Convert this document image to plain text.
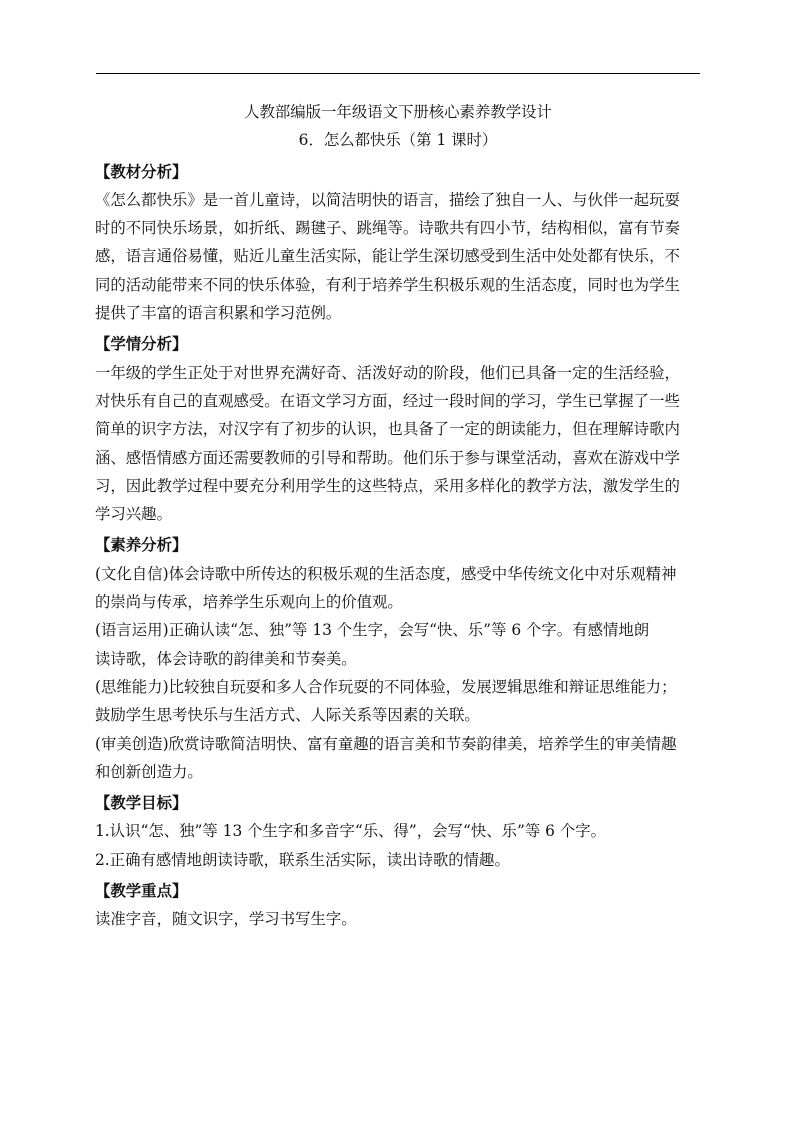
人教部编版一年级语文下册核心素养教学设计
6．怎么都快乐（第 1 课时）
【教材分析】

《怎么都快乐》是一首儿童诗，以简洁明快的语言，描绘了独自一人、与伙伴一起玩耍
时的不同快乐场景，如折纸、踢毽子、跳绳等。诗歌共有四小节，结构相似，富有节奏
感，语言通俗易懂，贴近儿童生活实际，能让学生深切感受到生活中处处都有快乐，不
同的活动能带来不同的快乐体验，有利于培养学生积极乐观的生活态度，同时也为学生
提供了丰富的语言积累和学习范例。

【学情分析】

一年级的学生正处于对世界充满好奇、活泼好动的阶段，他们已具备一定的生活经验，
对快乐有自己的直观感受。在语文学习方面，经过一段时间的学习，学生已掌握了一些
简单的识字方法，对汉字有了初步的认识，也具备了一定的朗读能力，但在理解诗歌内
涵、感悟情感方面还需要教师的引导和帮助。他们乐于参与课堂活动，喜欢在游戏中学
习，因此教学过程中要充分利用学生的这些特点，采用多样化的教学方法，激发学生的
学习兴趣。

【素养分析】

(文化自信)体会诗歌中所传达的积极乐观的生活态度，感受中华传统文化中对乐观精神
的崇尚与传承，培养学生乐观向上的价值观。

(语言运用)正确认读“怎、独”等 13 个生字，会写“快、乐”等 6 个字。有感情地朗
读诗歌，体会诗歌的韵律美和节奏美。

(思维能力)比较独自玩耍和多人合作玩耍的不同体验，发展逻辑思维和辩证思维能力；
鼓励学生思考快乐与生活方式、人际关系等因素的关联。

(审美创造)欣赏诗歌简洁明快、富有童趣的语言美和节奏韵律美，培养学生的审美情趣
和创新创造力。

【教学目标】

1.认识“怎、独”等 13 个生字和多音字“乐、得”，会写“快、乐”等 6 个字。

2.正确有感情地朗读诗歌，联系生活实际，读出诗歌的情趣。

【教学重点】

读准字音，随文识字，学习书写生字。
